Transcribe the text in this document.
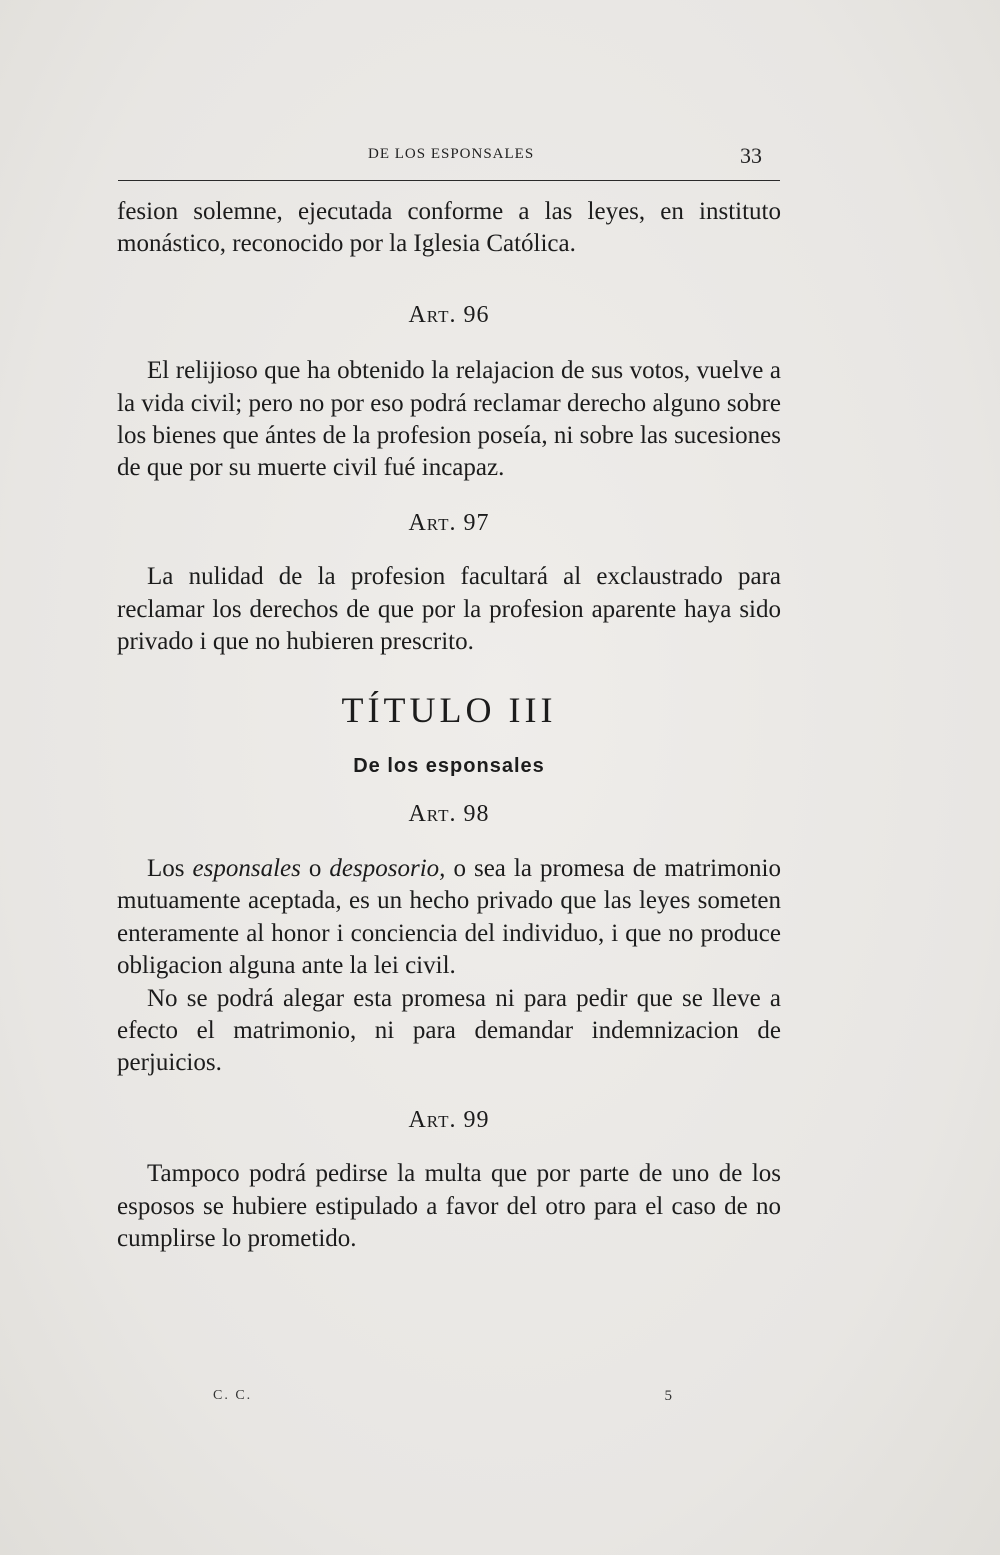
DE LOS ESPONSALES	33

fesion solemne, ejecutada conforme a las leyes, en instituto monástico, reconocido por la Iglesia Católica.

Art. 96

El relijioso que ha obtenido la relajacion de sus votos, vuelve a la vida civil; pero no por eso podrá reclamar derecho alguno sobre los bienes que ántes de la profesion poseía, ni sobre las sucesiones de que por su muerte civil fué incapaz.

Art. 97

La nulidad de la profesion facultará al exclaustrado para reclamar los derechos de que por la profesion aparente haya sido privado i que no hubieren prescrito.

TÍTULO III

De los esponsales

Art. 98

Los esponsales o desposorio, o sea la promesa de matrimonio mutuamente aceptada, es un hecho privado que las leyes someten enteramente al honor i conciencia del individuo, i que no produce obligacion alguna ante la lei civil.

No se podrá alegar esta promesa ni para pedir que se lleve a efecto el matrimonio, ni para demandar indemnizacion de perjuicios.

Art. 99

Tampoco podrá pedirse la multa que por parte de uno de los esposos se hubiere estipulado a favor del otro para el caso de no cumplirse lo prometido.

C. C.	5
